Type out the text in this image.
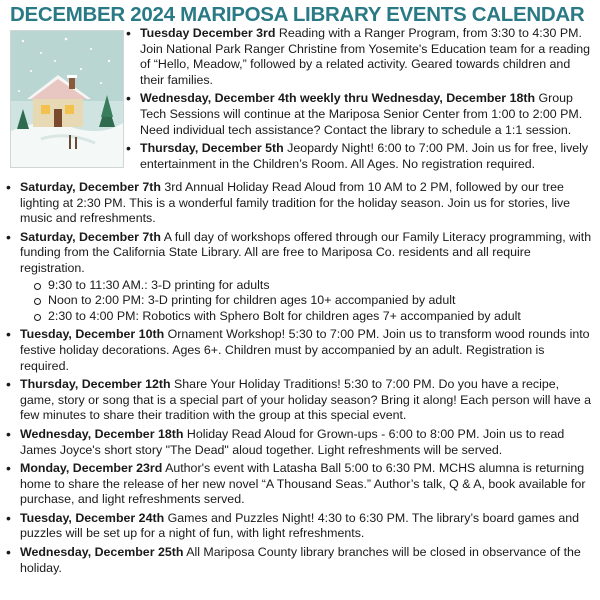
DECEMBER 2024 MARIPOSA LIBRARY EVENTS CALENDAR
• Tuesday December 3rd Reading with a Ranger Program, from 3:30 to 4:30 PM. Join National Park Ranger Christine from Yosemite's Education team for a reading of “Hello, Meadow,” followed by a related activity. Geared towards children and their families.
• Wednesday, December 4th weekly thru Wednesday, December 18th Group Tech Sessions will continue at the Mariposa Senior Center from 1:00 to 2:00 PM. Need individual tech assistance? Contact the library to schedule a 1:1 session.
• Thursday, December 5th Jeopardy Night! 6:00 to 7:00 PM. Join us for free, lively entertainment in the Children’s Room. All Ages. No registration required.
• Saturday, December 7th 3rd Annual Holiday Read Aloud from 10 AM to 2 PM, followed by our tree lighting at 2:30 PM. This is a wonderful family tradition for the holiday season. Join us for stories, live music and refreshments.
• Saturday, December 7th A full day of workshops offered through our Family Literacy programming, with funding from the California State Library. All are free to Mariposa Co. residents and all require registration.
9:30 to 11:30 AM.: 3-D printing for adults
Noon to 2:00 PM: 3-D printing for children ages 10+ accompanied by adult
2:30 to 4:00 PM: Robotics with Sphero Bolt for children ages 7+ accompanied by adult
• Tuesday, December 10th Ornament Workshop! 5:30 to 7:00 PM. Join us to transform wood rounds into festive holiday decorations. Ages 6+. Children must by accompanied by an adult. Registration is required.
• Thursday, December 12th Share Your Holiday Traditions! 5:30 to 7:00 PM. Do you have a recipe, game, story or song that is a special part of your holiday season? Bring it along! Each person will have a few minutes to share their tradition with the group at this special event.
• Wednesday, December 18th Holiday Read Aloud for Grown-ups - 6:00 to 8:00 PM. Join us to read James Joyce's short story "The Dead" aloud together. Light refreshments will be served.
• Monday, December 23rd Author's event with Latasha Ball 5:00 to 6:30 PM. MCHS alumna is returning home to share the release of her new novel “A Thousand Seas.” Author’s talk, Q & A, book available for purchase, and light refreshments served.
• Tuesday, December 24th Games and Puzzles Night! 4:30 to 6:30 PM. The library’s board games and puzzles will be set up for a night of fun, with light refreshments.
• Wednesday, December 25th All Mariposa County library branches will be closed in observance of the holiday.
